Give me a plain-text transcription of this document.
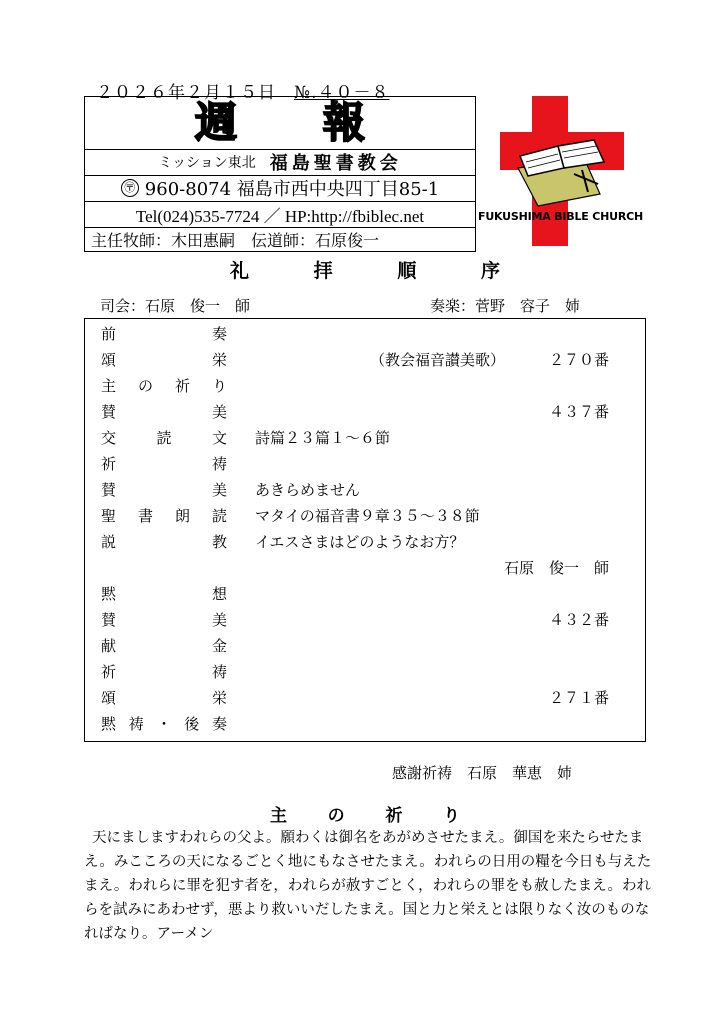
２０２６年２月１５日 №.４０－８
週 報
ミッション東北 福島聖書教会
〶 960-8074 福島市西中央四丁目85-1
Tel(024)535-7724 ／ HP:http://fbiblec.net
主任牧師：木田惠嗣　伝道師：石原俊一
FUKUSHIMA BIBLE CHURCH
礼	拝	順	序
司会：石原　俊一　師	奏楽：菅野　容子　姉
前	奏
頌	栄	（教会福音讃美歌）	２７０番
主 の 祈 り
賛	美	４３７番
交	読	文 詩篇２３篇１～６節
祈	祷
賛	美 あきらめません
聖 書 朗 読 マタイの福音書９章３５～３８節
説	教 イエスさまはどのようなお方？
石原　俊一　師
黙	想
賛	美	４３２番
献	金
祈	祷
頌	栄	２７１番
黙 祷 ・ 後 奏
感謝祈祷　石原　華恵　姉
主 の 祈 り
天にましますわれらの父よ。願わくは御名をあがめさせたまえ。御国を来たらせたまえ。みこころの天になるごとく地にもなさせたまえ。われらの日用の糧を今日も与えたまえ。われらに罪を犯す者を，われらが赦すごとく，われらの罪をも赦したまえ。われらを試みにあわせず，悪より救いいだしたまえ。国と力と栄えとは限りなく汝のものなればなり。アーメン
